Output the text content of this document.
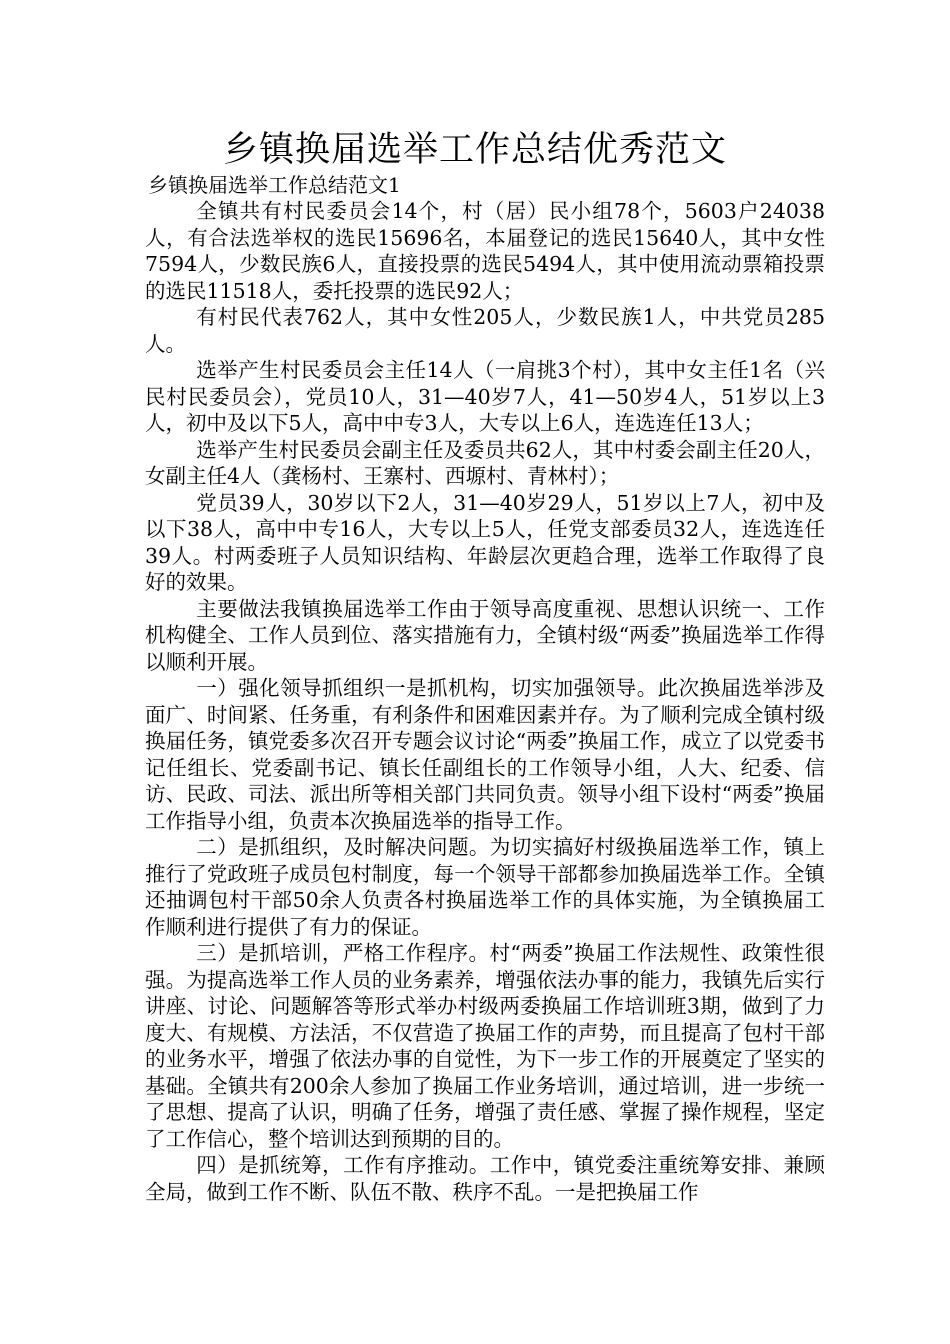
乡镇换届选举工作总结优秀范文

乡镇换届选举工作总结范文1

全镇共有村民委员会14个，村（居）民小组78个，5603户24038人，有合法选举权的选民15696名，本届登记的选民15640人，其中女性7594人，少数民族6人，直接投票的选民5494人，其中使用流动票箱投票的选民11518人，委托投票的选民92人；

有村民代表762人，其中女性205人，少数民族1人，中共党员285人。

选举产生村民委员会主任14人（一肩挑3个村），其中女主任1名（兴民村民委员会），党员10人，31—40岁7人，41—50岁4人，51岁以上3人，初中及以下5人，高中中专3人，大专以上6人，连选连任13人；

选举产生村民委员会副主任及委员共62人，其中村委会副主任20人，女副主任4人（龚杨村、王寨村、西塬村、青林村）；

党员39人，30岁以下2人，31—40岁29人，51岁以上7人，初中及以下38人，高中中专16人，大专以上5人，任党支部委员32人，连选连任39人。村两委班子人员知识结构、年龄层次更趋合理，选举工作取得了良好的效果。

主要做法我镇换届选举工作由于领导高度重视、思想认识统一、工作机构健全、工作人员到位、落实措施有力，全镇村级“两委”换届选举工作得以顺利开展。

一）强化领导抓组织一是抓机构，切实加强领导。此次换届选举涉及面广、时间紧、任务重，有利条件和困难因素并存。为了顺利完成全镇村级换届任务，镇党委多次召开专题会议讨论“两委”换届工作，成立了以党委书记任组长、党委副书记、镇长任副组长的工作领导小组，人大、纪委、信访、民政、司法、派出所等相关部门共同负责。领导小组下设村“两委”换届工作指导小组，负责本次换届选举的指导工作。

二）是抓组织，及时解决问题。为切实搞好村级换届选举工作，镇上推行了党政班子成员包村制度，每一个领导干部都参加换届选举工作。全镇还抽调包村干部50余人负责各村换届选举工作的具体实施，为全镇换届工作顺利进行提供了有力的保证。

三）是抓培训，严格工作程序。村“两委”换届工作法规性、政策性很强。为提高选举工作人员的业务素养，增强依法办事的能力，我镇先后实行讲座、讨论、问题解答等形式举办村级两委换届工作培训班3期，做到了力度大、有规模、方法活，不仅营造了换届工作的声势，而且提高了包村干部的业务水平，增强了依法办事的自觉性，为下一步工作的开展奠定了坚实的基础。全镇共有200余人参加了换届工作业务培训，通过培训，进一步统一了思想、提高了认识，明确了任务，增强了责任感、掌握了操作规程，坚定了工作信心，整个培训达到预期的目的。

四）是抓统筹，工作有序推动。工作中，镇党委注重统筹安排、兼顾全局，做到工作不断、队伍不散、秩序不乱。一是把换届工作
